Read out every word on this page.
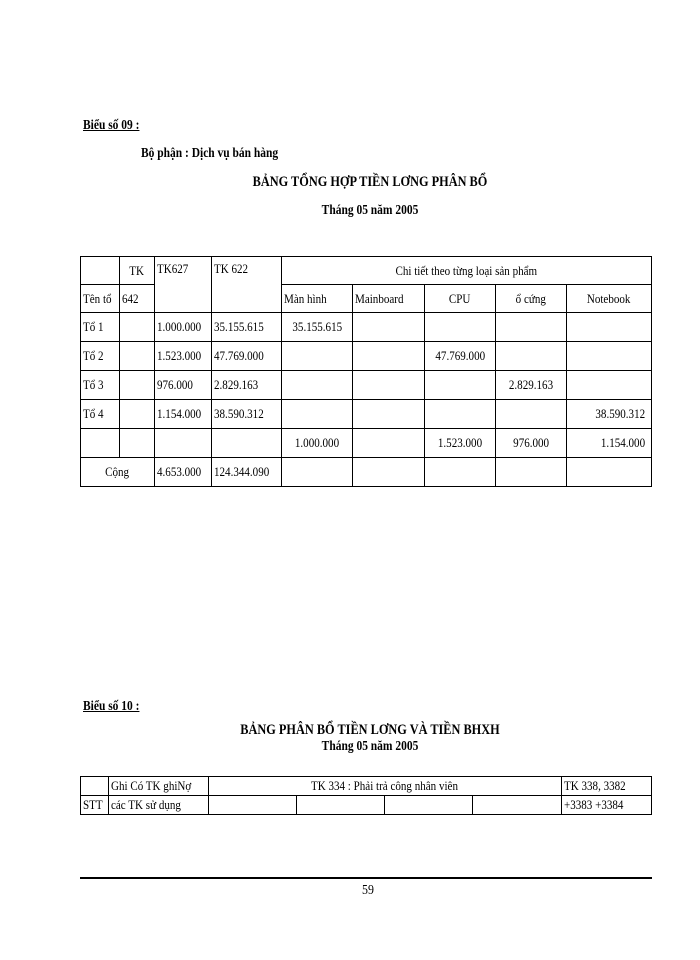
Biểu số 09 :
Bộ phận : Dịch vụ bán hàng
BẢNG TỔNG HỢP TIỀN LƠNG PHÂN BỔ
Tháng 05 năm 2005
	TK	TK627	TK 622	Chi tiết theo từng loại sản phẩm				
Tên tổ	642			Màn hình	Mainboard	CPU	ổ cứng	Notebook
Tổ 1		1.000.000	35.155.615	35.155.615				
Tổ 2		1.523.000	47.769.000			47.769.000		
Tổ 3		976.000	2.829.163				2.829.163	
Tổ 4		1.154.000	38.590.312					38.590.312
				1.000.000		1.523.000	976.000	1.154.000
Cộng		4.653.000	124.344.090					
Biểu số 10 :
BẢNG PHÂN BỔ TIỀN LƠNG VÀ TIỀN BHXH
Tháng 05 năm 2005
	Ghi Có TK ghiNợ	TK 334 : Phải trả công nhân viên				TK 338, 3382
STT	các TK sử dụng					+3383 +3384
59
